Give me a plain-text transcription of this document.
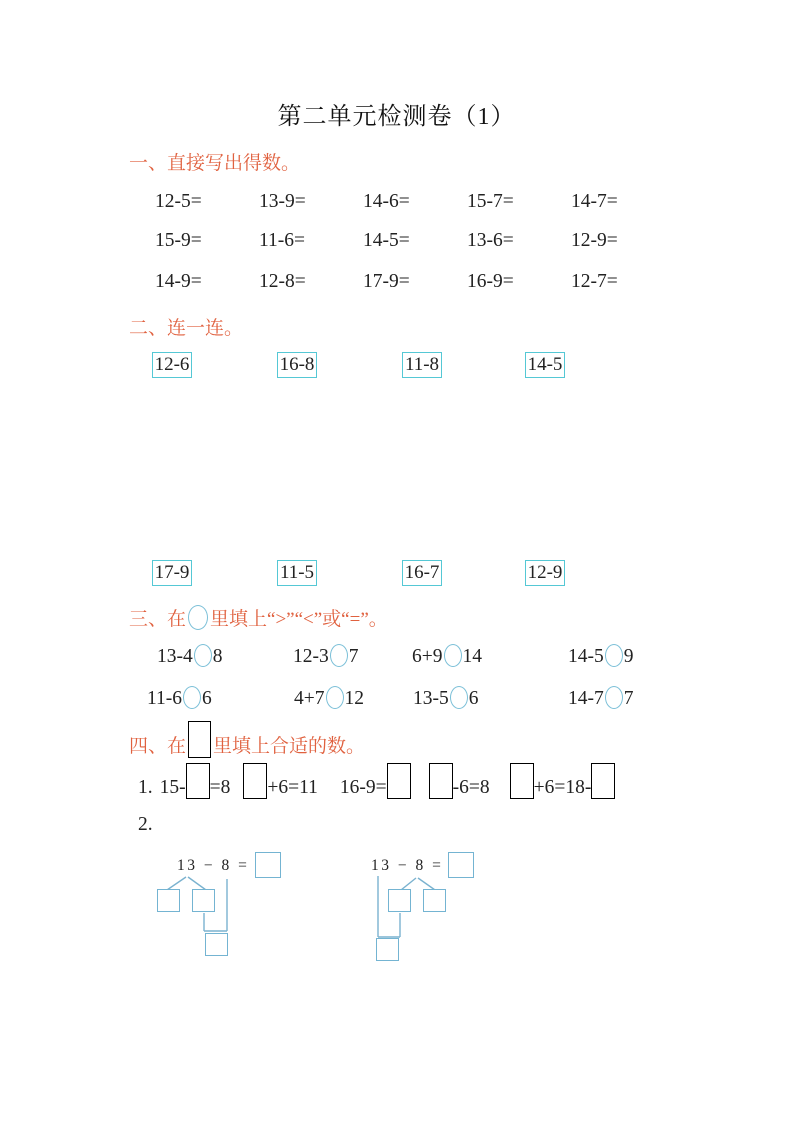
第二单元检测卷（1）
一、直接写出得数。
12-5=	13-9=	14-6=	15-7=	14-7=
15-9=	11-6=	14-5=	13-6=	12-9=
14-9=	12-8=	17-9=	16-9=	12-7=
二、连一连。
12-6	16-8	11-8	14-5
17-9	11-5	16-7	12-9
三、在 里填上“>”“<”或“=”。
13-4 8	12-3 7	6+9 14	14-5 9
11-6 6	4+7 12	13-5 6	14-7 7
四、在 里填上合适的数。
1. 15- =8 +6=11 16-9=	-6=8 +6=18-
2.
13 − 8 =	13 − 8 =
